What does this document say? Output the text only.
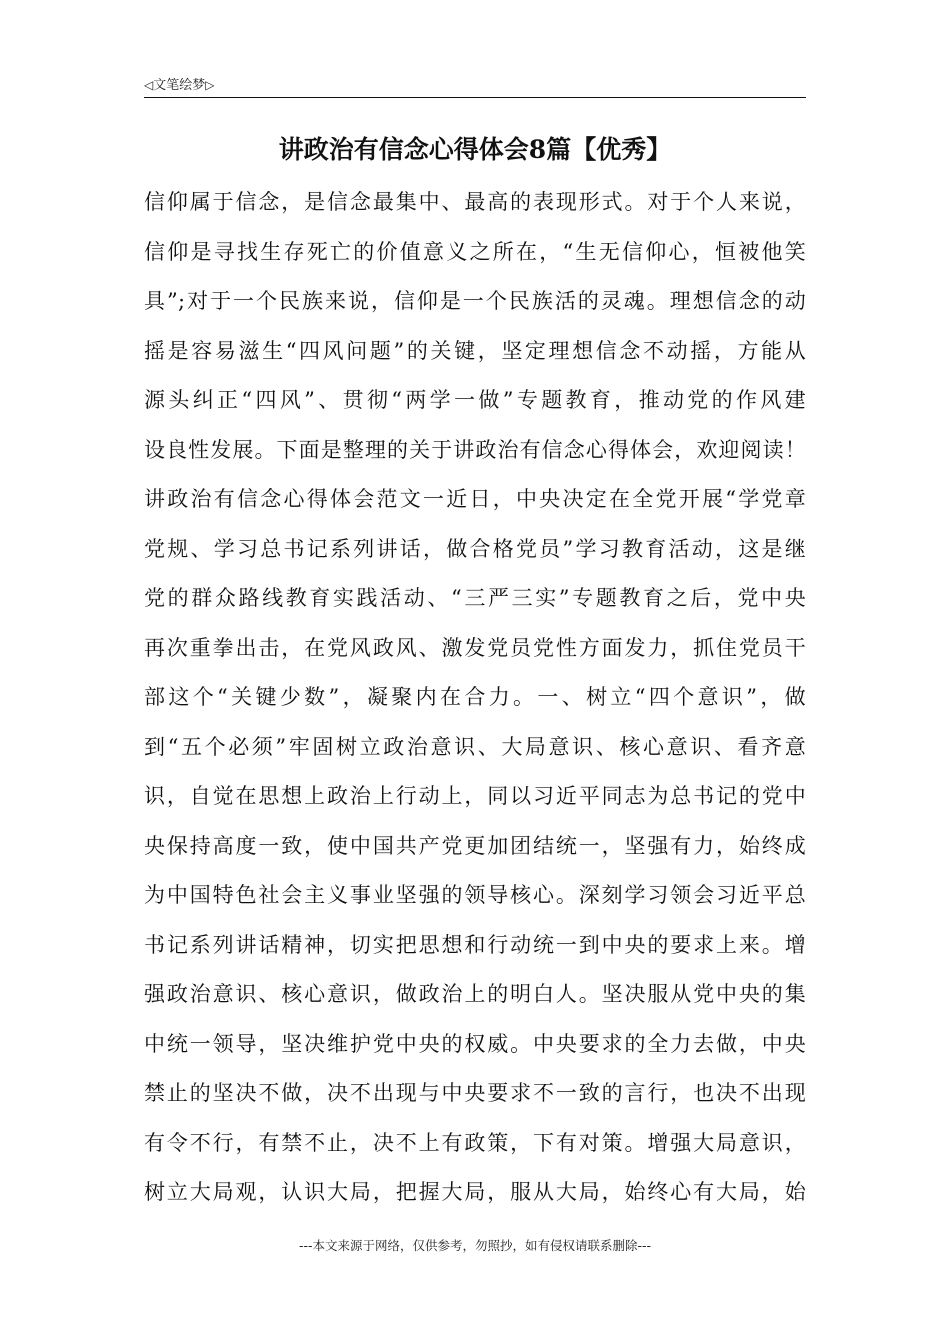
◁文笔绘梦▷
讲政治有信念心得体会8篇【优秀】
信仰属于信念，是信念最集中、最高的表现形式。对于个人来说，
信仰是寻找生存死亡的价值意义之所在，“生无信仰心，恒被他笑
具”;对于一个民族来说，信仰是一个民族活的灵魂。理想信念的动
摇是容易滋生“四风问题”的关键，坚定理想信念不动摇，方能从
源头纠正“四风”、贯彻“两学一做”专题教育，推动党的作风建
设良性发展。下面是整理的关于讲政治有信念心得体会，欢迎阅读！
讲政治有信念心得体会范文一近日，中央决定在全党开展“学党章
党规、学习总书记系列讲话，做合格党员”学习教育活动，这是继
党的群众路线教育实践活动、“三严三实”专题教育之后，党中央
再次重拳出击，在党风政风、激发党员党性方面发力，抓住党员干
部这个“关键少数”，凝聚内在合力。一、树立“四个意识”，做
到“五个必须”牢固树立政治意识、大局意识、核心意识、看齐意
识，自觉在思想上政治上行动上，同以习近平同志为总书记的党中
央保持高度一致，使中国共产党更加团结统一，坚强有力，始终成
为中国特色社会主义事业坚强的领导核心。深刻学习领会习近平总
书记系列讲话精神，切实把思想和行动统一到中央的要求上来。增
强政治意识、核心意识，做政治上的明白人。坚决服从党中央的集
中统一领导，坚决维护党中央的权威。中央要求的全力去做，中央
禁止的坚决不做，决不出现与中央要求不一致的言行，也决不出现
有令不行，有禁不止，决不上有政策，下有对策。增强大局意识，
树立大局观，认识大局，把握大局，服从大局，始终心有大局，始
---本文来源于网络，仅供参考，勿照抄，如有侵权请联系删除---
